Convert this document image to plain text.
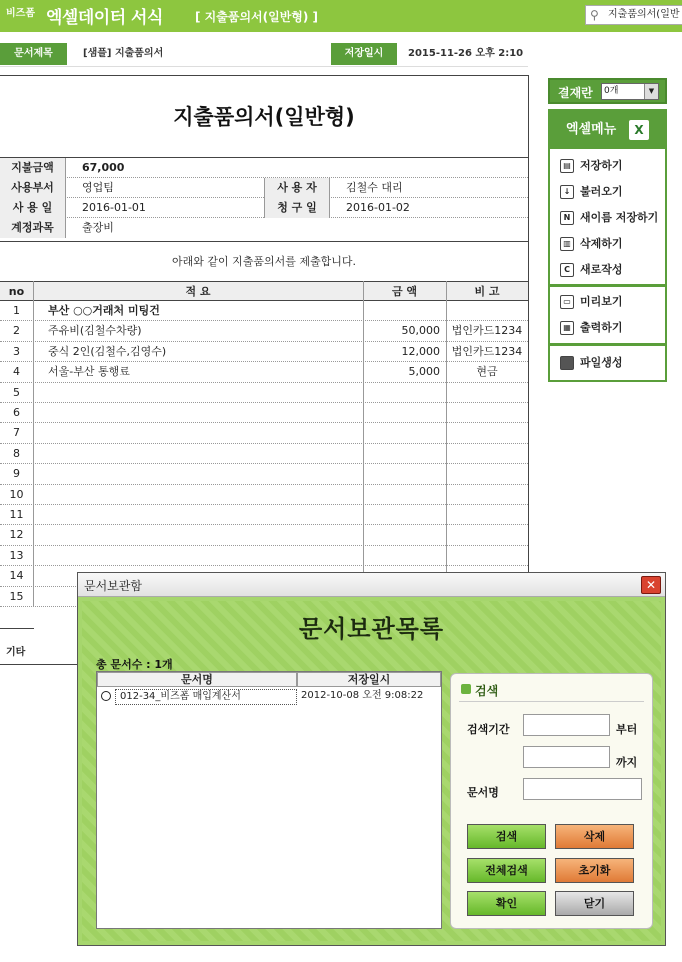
비즈폼 엑셀데이터 서식	[ 지출품의서(일반형) ]	⚲ 지출품의서(일반
문서제목	[샘플] 지출품의서	저장일시	2015-11-26 오후 2:10
지출품의서(일반형)
지불금액	67,000
사용부서	영업팀	사 용 자	김철수 대리
사 용 일	2016-01-01	청 구 일	2016-01-02
계정과목	출장비
아래와 같이 지출품의서를 제출합니다.
no	적 요	금 액	비 고
1	부산 ○○거래처 미팅건
2	주유비(김철수차량)	50,000	법인카드1234
3	중식 2인(김철수,김영수)	12,000	법인카드1234
4	서울-부산 통행료	5,000	현금
5
6
7
8
9
10
11
12
13
14
15
기타
결재란	0개	▼
엑셀메뉴	X
▤ 저장하기
↓ 불러오기
N 새이름 저장하기
▥ 삭제하기
C 새로작성
▭ 미리보기
▦ 출력하기
파일생성
문서보관함	✕
문서보관목록
총 문서수 : 1개
문서명	저장일시
012-34_비즈폼 매입계산서	2012-10-08 오전 9:08:22	검색
검색기간	부터
까지
문서명
검색	삭제
전체검색	초기화
확인	닫기
